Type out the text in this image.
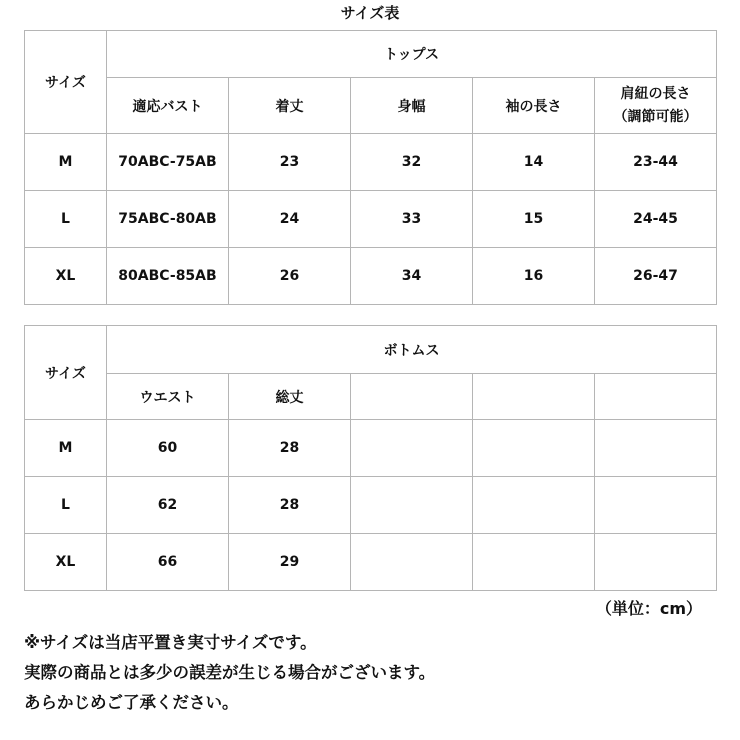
サイズ表
サイズ	トップス				
	適応バスト	着丈	身幅	袖の長さ	肩紐の長さ
（調節可能）

M	70ABC-75AB	23	32	14	23-44
L	75ABC-80AB	24	33	15	24-45
XL	80ABC-85AB	26	34	16	26-47
サイズ	ボトムス				
	ウエスト	総丈			
M	60	28			
L	62	28			
XL	66	29			
（単位：cm）
※サイズは当店平置き実寸サイズです。
実際の商品とは多少の誤差が生じる場合がございます。
あらかじめご了承ください。
